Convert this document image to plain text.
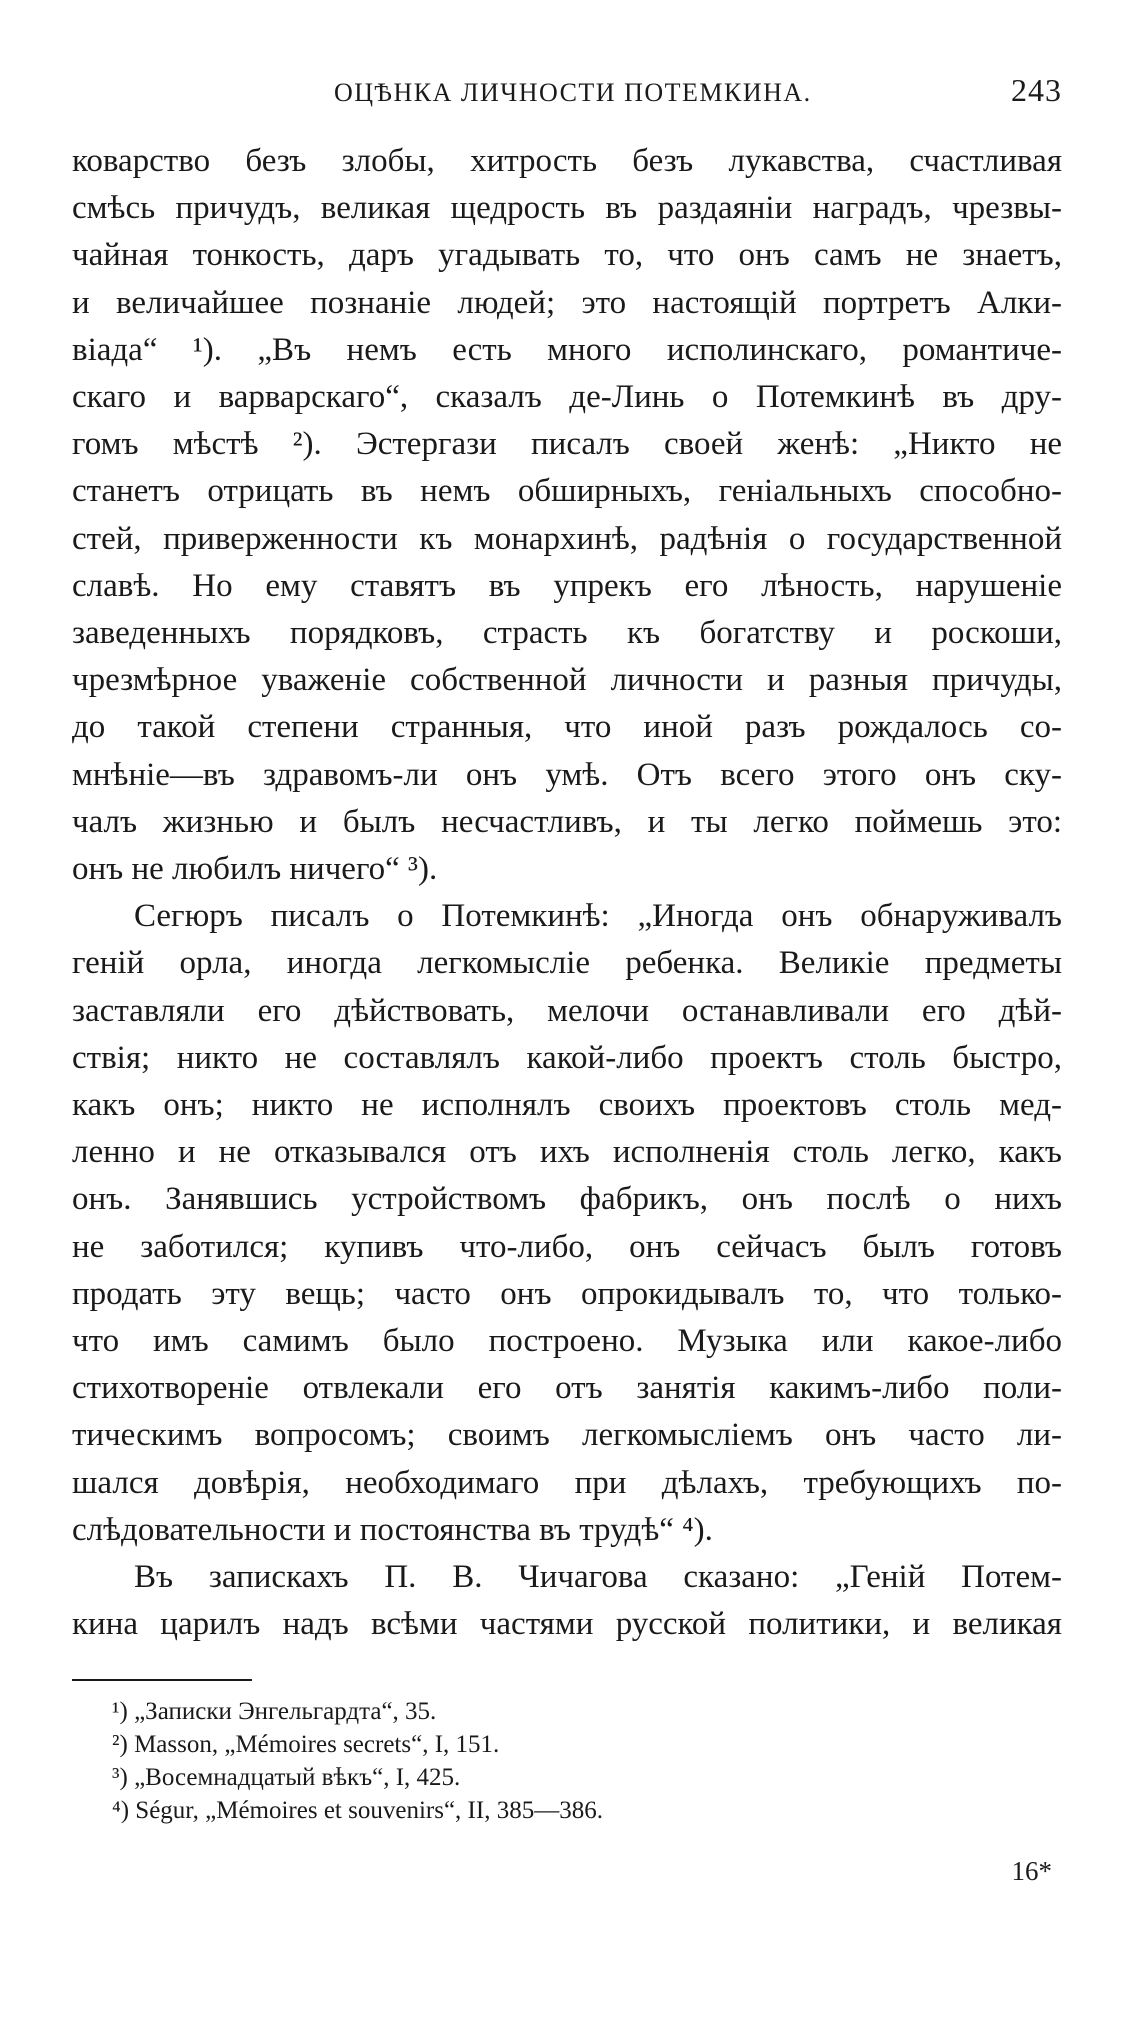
ОЦѢНКА ЛИЧНОСТИ ПОТЕМКИНА.	243

коварство безъ злобы, хитрость безъ лукавства, счастливая
смѣсь причудъ, великая щедрость въ раздаяніи наградъ, чрезвы-
чайная тонкость, даръ угадывать то, что онъ самъ не знаетъ,
и величайшее познаніе людей; это настоящій портретъ Алки-
віада“ ¹). „Въ немъ есть много исполинскаго, романтиче-
скаго и варварскаго“, сказалъ де-Линь о Потемкинѣ въ дру-
гомъ мѣстѣ ²). Эстергази писалъ своей женѣ: „Никто не
станетъ отрицать въ немъ обширныхъ, геніальныхъ способно-
стей, приверженности къ монархинѣ, радѣнія о государственной
славѣ. Но ему ставятъ въ упрекъ его лѣность, нарушеніе
заведенныхъ порядковъ, страсть къ богатству и роскоши,
чрезмѣрное уваженіе собственной личности и разныя причуды,
до такой степени странныя, что иной разъ рождалось со-
мнѣніе—въ здравомъ-ли онъ умѣ. Отъ всего этого онъ ску-
чалъ жизнью и былъ несчастливъ, и ты легко поймешь это:
онъ не любилъ ничего“ ³).

Сегюръ писалъ о Потемкинѣ: „Иногда онъ обнаруживалъ
геній орла, иногда легкомысліе ребенка. Великіе предметы
заставляли его дѣйствовать, мелочи останавливали его дѣй-
ствія; никто не составлялъ какой-либо проектъ столь быстро,
какъ онъ; никто не исполнялъ своихъ проектовъ столь мед-
ленно и не отказывался отъ ихъ исполненія столь легко, какъ
онъ. Занявшись устройствомъ фабрикъ, онъ послѣ о нихъ
не заботился; купивъ что-либо, онъ сейчасъ былъ готовъ
продать эту вещь; часто онъ опрокидывалъ то, что только-
что имъ самимъ было построено. Музыка или какое-либо
стихотвореніе отвлекали его отъ занятія какимъ-либо поли-
тическимъ вопросомъ; своимъ легкомысліемъ онъ часто ли-
шался довѣрія, необходимаго при дѣлахъ, требующихъ по-
слѣдовательности и постоянства въ трудѣ“ ⁴).

Въ запискахъ П. В. Чичагова сказано: „Геній Потем-
кина царилъ надъ всѣми частями русской политики, и великая

¹) „Записки Энгельгардта“, 35.
²) Masson, „Mémoires secrets“, I, 151.
³) „Восемнадцатый вѣкъ“, I, 425.
⁴) Ségur, „Mémoires et souvenirs“, II, 385—386.
16*
